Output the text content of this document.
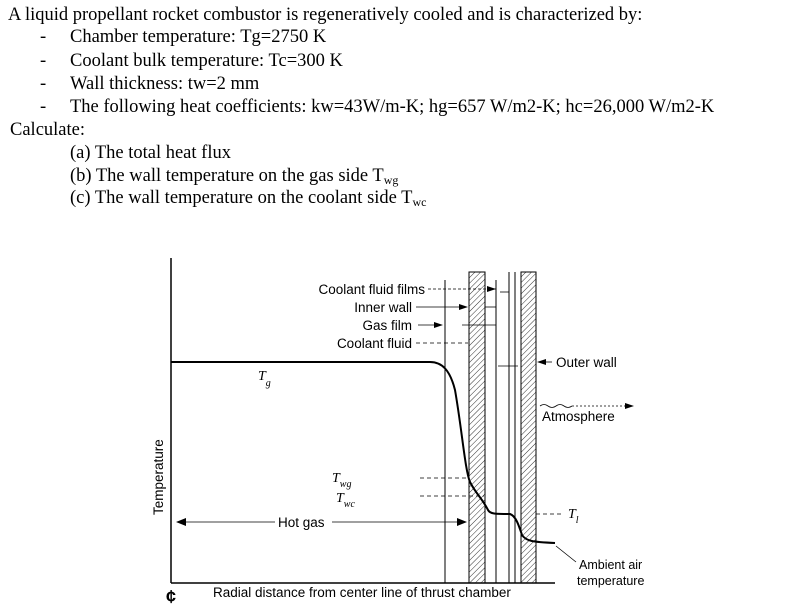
A liquid propellant rocket combustor is regeneratively cooled and is characterized by:
- Chamber temperature: Tg=2750 K
- Coolant bulk temperature: Tc=300 K
- Wall thickness: tw=2 mm
- The following heat coefficients: kw=43W/m-K; hg=657 W/m2-K; hc=26,000 W/m2-K
Calculate:
(a) The total heat flux
(b) The wall temperature on the gas side $T_{wg}$
(c) The wall temperature on the coolant side $T_{wc}$
Coolant fluid films
Inner wall
Gas film
Coolant fluid
Outer wall
Atmosphere
Hot gas
Ambient air
temperature
Radial distance from center line of thrust chamber
Temperature
¢
$T_g$
$T_{wg}$
$T_{wc}$
$T_l$
